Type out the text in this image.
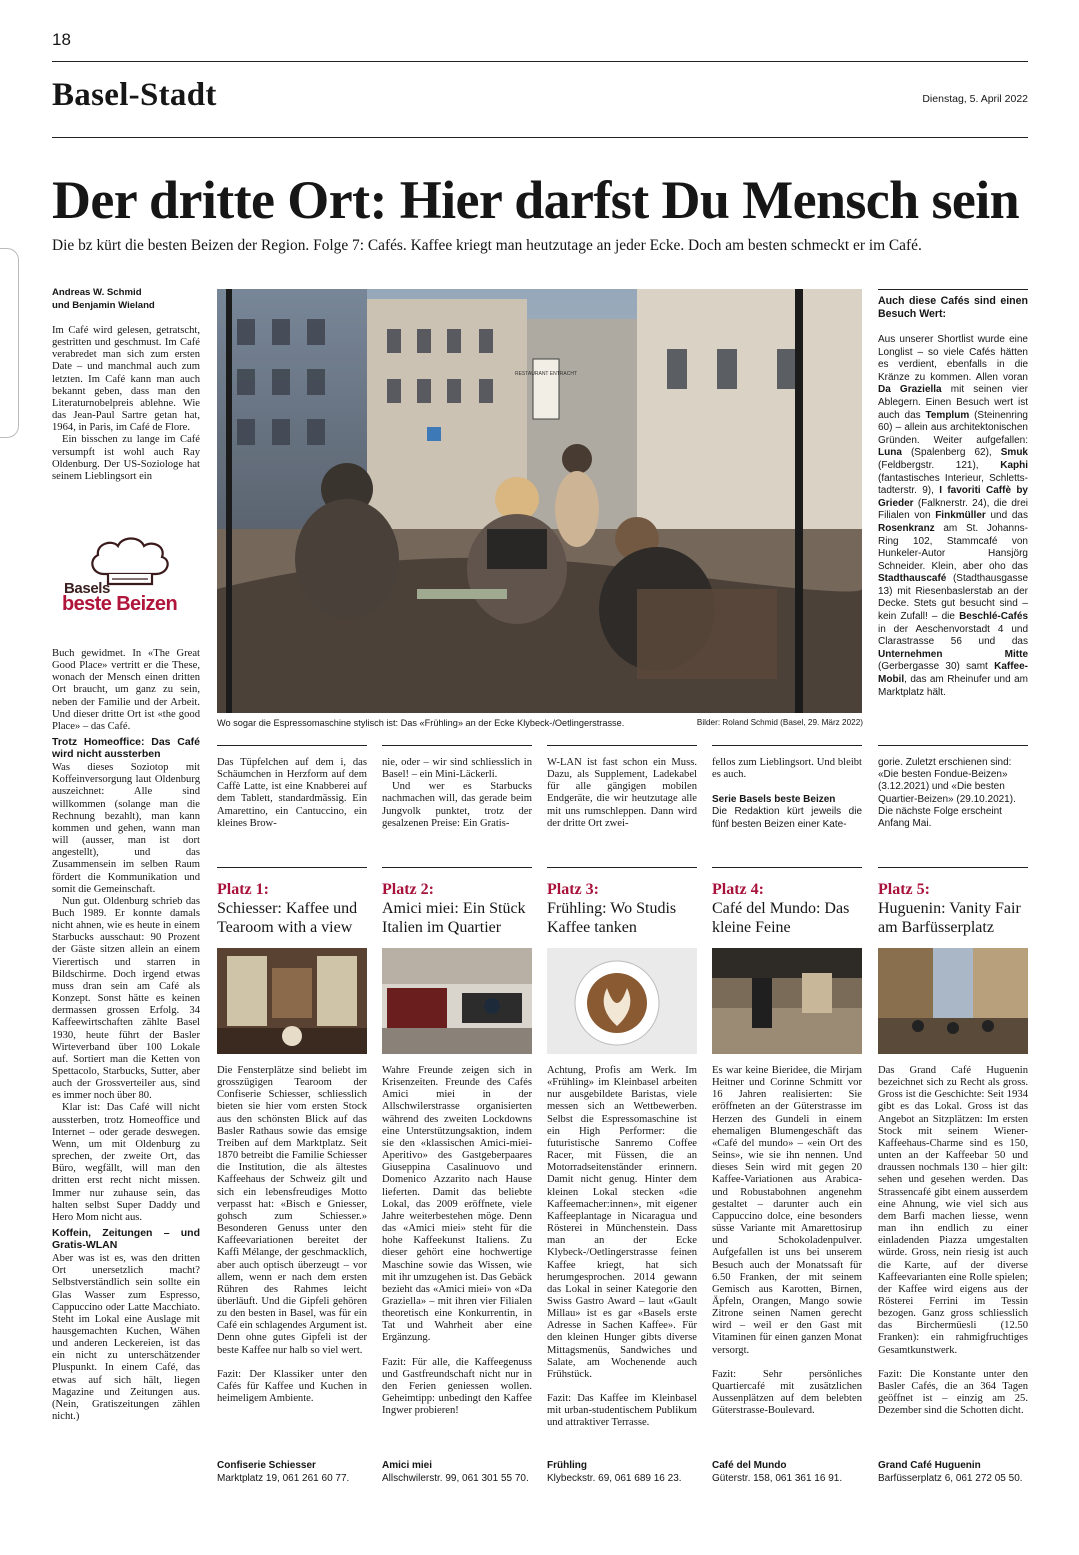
18
Basel-Stadt	Dienstag, 5. April 2022
Der dritte Ort: Hier darfst Du Mensch sein
Die bz kürt die besten Beizen der Region. Folge 7: Cafés. Kaffee kriegt man heutzutage an jeder Ecke. Doch am besten schmeckt er im Café.
Andreas W. Schmid
und Benjamin Wieland

Im Café wird gelesen, getratscht, gestritten und geschmust. Im Café verabredet man sich zum ersten Date – und manchmal auch zum letzten. Im Café kann man auch bekannt geben, dass man den Literaturnobelpreis ablehne. Wie das Jean-Paul Sartre getan hat, 1964, in Paris, im Café de Flore.

Ein bisschen zu lange im Café versumpft ist wohl auch Ray Oldenburg. Der US-Soziologe hat seinem Lieblingsort ein

Basels
beste Beizen

Buch gewidmet. In «The Great Good Place» vertritt er die These, wonach der Mensch einen dritten Ort braucht, um ganz zu sein, neben der Familie und der Arbeit. Und dieser dritte Ort ist «the good Place» – das Café.

Trotz Homeoffice: Das Café wird nicht aussterben

Was dieses Soziotop mit Koffeinversorgung laut Oldenburg auszeichnet: Alle sind willkommen (solange man die Rechnung bezahlt), man kann kommen und gehen, wann man will (ausser, man ist dort angestellt), und das Zusammensein im selben Raum fördert die Kommunikation und somit die Gemeinschaft.

Nun gut. Oldenburg schrieb das Buch 1989. Er konnte damals nicht ahnen, wie es heute in einem Starbucks ausschaut: 90 Prozent der Gäste sitzen allein an einem Vierertisch und starren in Bildschirme. Doch irgend etwas muss dran sein am Café als Konzept. Sonst hätte es keinen dermassen grossen Erfolg. 34 Kaffeewirtschaften zählte Basel 1930, heute führt der Basler Wirteverband über 100 Lokale auf. Sortiert man die Ketten von Spettacolo, Starbucks, Sutter, aber auch der Grossverteiler aus, sind es immer noch über 80.

Klar ist: Das Café will nicht aussterben, trotz Homeoffice und Internet – oder gerade deswegen. Wenn, um mit Oldenburg zu sprechen, der zweite Ort, das Büro, wegfällt, will man den dritten erst recht nicht missen. Immer nur zuhause sein, das halten selbst Super Daddy und Hero Mom nicht aus.

Koffein, Zeitungen – und Gratis-WLAN

Aber was ist es, was den dritten Ort unersetzlich macht? Selbstverständlich sein sollte ein Glas Wasser zum Espresso, Cappuccino oder Latte Macchiato. Steht im Lokal eine Auslage mit hausgemachten Kuchen, Wähen und anderen Leckereien, ist das ein nicht zu unterschätzender Pluspunkt. In einem Café, das etwas auf sich hält, liegen Magazine und Zeitungen aus. (Nein, Gratiszeitungen zählen nicht.)

RESTAURANT ENTRACHT
Wo sogar die Espressomaschine stylisch ist: Das «Frühling» an der Ecke Klybeck-/Oetlingerstrasse.	Bilder: Roland Schmid (Basel, 29. März 2022)
Auch diese Cafés sind einen Besuch Wert:
Aus unserer Shortlist wurde eine Longlist – so viele Cafés hätten es verdient, ebenfalls in die Kränze zu kommen. Allen voran Da Graziella mit seinen vier Ablegern. Einen Besuch wert ist auch das Templum (Steinenring 60) – allein aus architektonischen Gründen. Weiter aufgefallen: Luna (Spalenberg 62), Smuk (Feldbergstr. 121), Kaphi (fantastisches Interieur, Schlettstadterstr. 9), I favoriti Caffè by Grieder (Falknerstr. 24), die drei Filialen von Finkmüller und das Rosenkranz am St. Johanns-Ring 102, Stammcafé von Hunkeler-Autor Hansjörg Schneider. Klein, aber oho das Stadthauscafé (Stadthausgasse 13) mit Riesenbaslerstab an der Decke. Stets gut besucht sind – kein Zufall! – die Beschlé-Cafés in der Aeschenvorstadt 4 und Clarastrasse 56 und das Unternehmen Mitte (Gerbergasse 30) samt Kaffee-Mobil, das am Rheinufer und am Marktplatz hält.

Das Tüpfelchen auf dem i, das Schäumchen in Herzform auf dem Caffè Latte, ist eine Knabberei auf dem Tablett, standardmässig. Ein Amarettino, ein Cantuccino, ein kleines Brow-

nie, oder – wir sind schliesslich in Basel! – ein Mini-Läckerli.

Und wer es Starbucks nachmachen will, das gerade beim Jungvolk punktet, trotz der gesalzenen Preise: Ein Gratis-

W-LAN ist fast schon ein Muss. Dazu, als Supplement, Ladekabel für alle gängigen mobilen Endgeräte, die wir heutzutage alle mit uns rumschleppen. Dann wird der dritte Ort zwei-

fellos zum Lieblingsort. Und bleibt es auch.

Serie Basels beste Beizen
Die Redaktion kürt jeweils die fünf besten Beizen einer Kate-

gorie. Zuletzt erschienen sind: «Die besten Fondue-Beizen» (3.12.2021) und «Die besten Quartier-Beizen» (29.10.2021). Die nächste Folge erscheint Anfang Mai.

Platz 1:
Schiesser: Kaffee und Tearoom with a view

Die Fensterplätze sind beliebt im grosszügigen Tearoom der Confiserie Schiesser, schliesslich bieten sie hier vom ersten Stock aus den schönsten Blick auf das Basler Rathaus sowie das emsige Treiben auf dem Marktplatz. Seit 1870 betreibt die Familie Schiesser die Institution, die als ältestes Kaffeehaus der Schweiz gilt und sich ein lebensfreudiges Motto verpasst hat: «Bisch e Gniesser, gohsch zum Schiesser.» Besonderen Genuss unter den Kaffeevariationen bereitet der Kaffi Mélange, der geschmacklich, aber auch optisch überzeugt – vor allem, wenn er nach dem ersten Rühren des Rahmes leicht überläuft. Und die Gipfeli gehören zu den besten in Basel, was für ein Café ein schlagendes Argument ist. Denn ohne gutes Gipfeli ist der beste Kaffee nur halb so viel wert.

Fazit: Der Klassiker unter den Cafés für Kaffee und Kuchen in heimeligem Ambiente.

Confiserie Schiesser
Marktplatz 19, 061 261 60 77.
Platz 2:
Amici miei: Ein Stück Italien im Quartier

Wahre Freunde zeigen sich in Krisenzeiten. Freunde des Cafés Amici miei in der Allschwilerstrasse organisierten während des zweiten Lockdowns eine Unterstützungsaktion, indem sie den «klassischen Amici-miei-Aperitivo» des Gastgeberpaares Giuseppina Casalinuovo und Domenico Azzarito nach Hause lieferten. Damit das beliebte Lokal, das 2009 eröffnete, viele Jahre weiterbestehen möge. Denn das «Amici miei» steht für die hohe Kaffeekunst Italiens. Zu dieser gehört eine hochwertige Maschine sowie das Wissen, wie mit ihr umzugehen ist. Das Gebäck bezieht das «Amici miei» von «Da Graziella» – mit ihren vier Filialen theoretisch eine Konkurrentin, in Tat und Wahrheit aber eine Ergänzung.

Fazit: Für alle, die Kaffeegenuss und Gastfreundschaft nicht nur in den Ferien geniessen wollen. Geheimtipp: unbedingt den Kaffee Ingwer probieren!

Amici miei
Allschwilerstr. 99, 061 301 55 70.
Platz 3:
Frühling: Wo Studis Kaffee tanken

Achtung, Profis am Werk. Im «Frühling» im Kleinbasel arbeiten nur ausgebildete Baristas, viele messen sich an Wettbewerben. Selbst die Espressomaschine ist ein High Performer: die futuristische Sanremo Coffee Racer, mit Füssen, die an Motorradseitenständer erinnern. Damit nicht genug. Hinter dem kleinen Lokal stecken «die Kaffeemacher:innen», mit eigener Kaffeeplantage in Nicaragua und Rösterei in Münchenstein. Dass man an der Ecke Klybeck-/Oetlingerstrasse feinen Kaffee kriegt, hat sich herumgesprochen. 2014 gewann das Lokal in seiner Kategorie den Swiss Gastro Award – laut «Gault Millau» ist es gar «Basels erste Adresse in Sachen Kaffee». Für den kleinen Hunger gibts diverse Mittagsmenüs, Sandwiches und Salate, am Wochenende auch Frühstück.

Fazit: Das Kaffee im Kleinbasel mit urban-studentischem Publikum und attraktiver Terrasse.

Frühling
Klybeckstr. 69, 061 689 16 23.
Platz 4:
Café del Mundo: Das kleine Feine

Es war keine Bieridee, die Mirjam Heitner und Corinne Schmitt vor 16 Jahren realisierten: Sie eröffneten an der Güterstrasse im Herzen des Gundeli in einem ehemaligen Blumengeschäft das «Café del mundo» – «ein Ort des Seins», wie sie ihn nennen. Und dieses Sein wird mit gegen 20 Kaffee-Variationen aus Arabica- und Robustabohnen angenehm gestaltet – darunter auch ein Cappuccino dolce, eine besonders süsse Variante mit Amarettosirup und Schokoladenpulver. Aufgefallen ist uns bei unserem Besuch auch der Monatssaft für 6.50 Franken, der mit seinem Gemisch aus Karotten, Birnen, Äpfeln, Orangen, Mango sowie Zitrone seinen Namen gerecht wird – weil er den Gast mit Vitaminen für einen ganzen Monat versorgt.

Fazit: Sehr persönliches Quartiercafé mit zusätzlichen Aussenplätzen auf dem belebten Güterstrasse-Boulevard.

Café del Mundo
Güterstr. 158, 061 361 16 91.
Platz 5:
Huguenin: Vanity Fair am Barfüsserplatz

Das Grand Café Huguenin bezeichnet sich zu Recht als gross. Gross ist die Geschichte: Seit 1934 gibt es das Lokal. Gross ist das Angebot an Sitzplätzen: Im ersten Stock mit seinem Wiener-Kaffeehaus-Charme sind es 150, unten an der Kaffeebar 50 und draussen nochmals 130 – hier gilt: sehen und gesehen werden. Das Strassencafé gibt einem ausserdem eine Ahnung, wie viel sich aus dem Barfi machen liesse, wenn man ihn endlich zu einer einladenden Piazza umgestalten würde. Gross, nein riesig ist auch die Karte, auf der diverse Kaffeevarianten eine Rolle spielen; der Kaffee wird eigens aus der Rösterei Ferrini im Tessin bezogen. Ganz gross schliesslich das Birchermüesli (12.50 Franken): ein rahmigfruchtiges Gesamtkunstwerk.

Fazit: Die Konstante unter den Basler Cafés, die an 364 Tagen geöffnet ist – einzig am 25. Dezember sind die Schotten dicht.

Grand Café Huguenin
Barfüsserplatz 6, 061 272 05 50.
